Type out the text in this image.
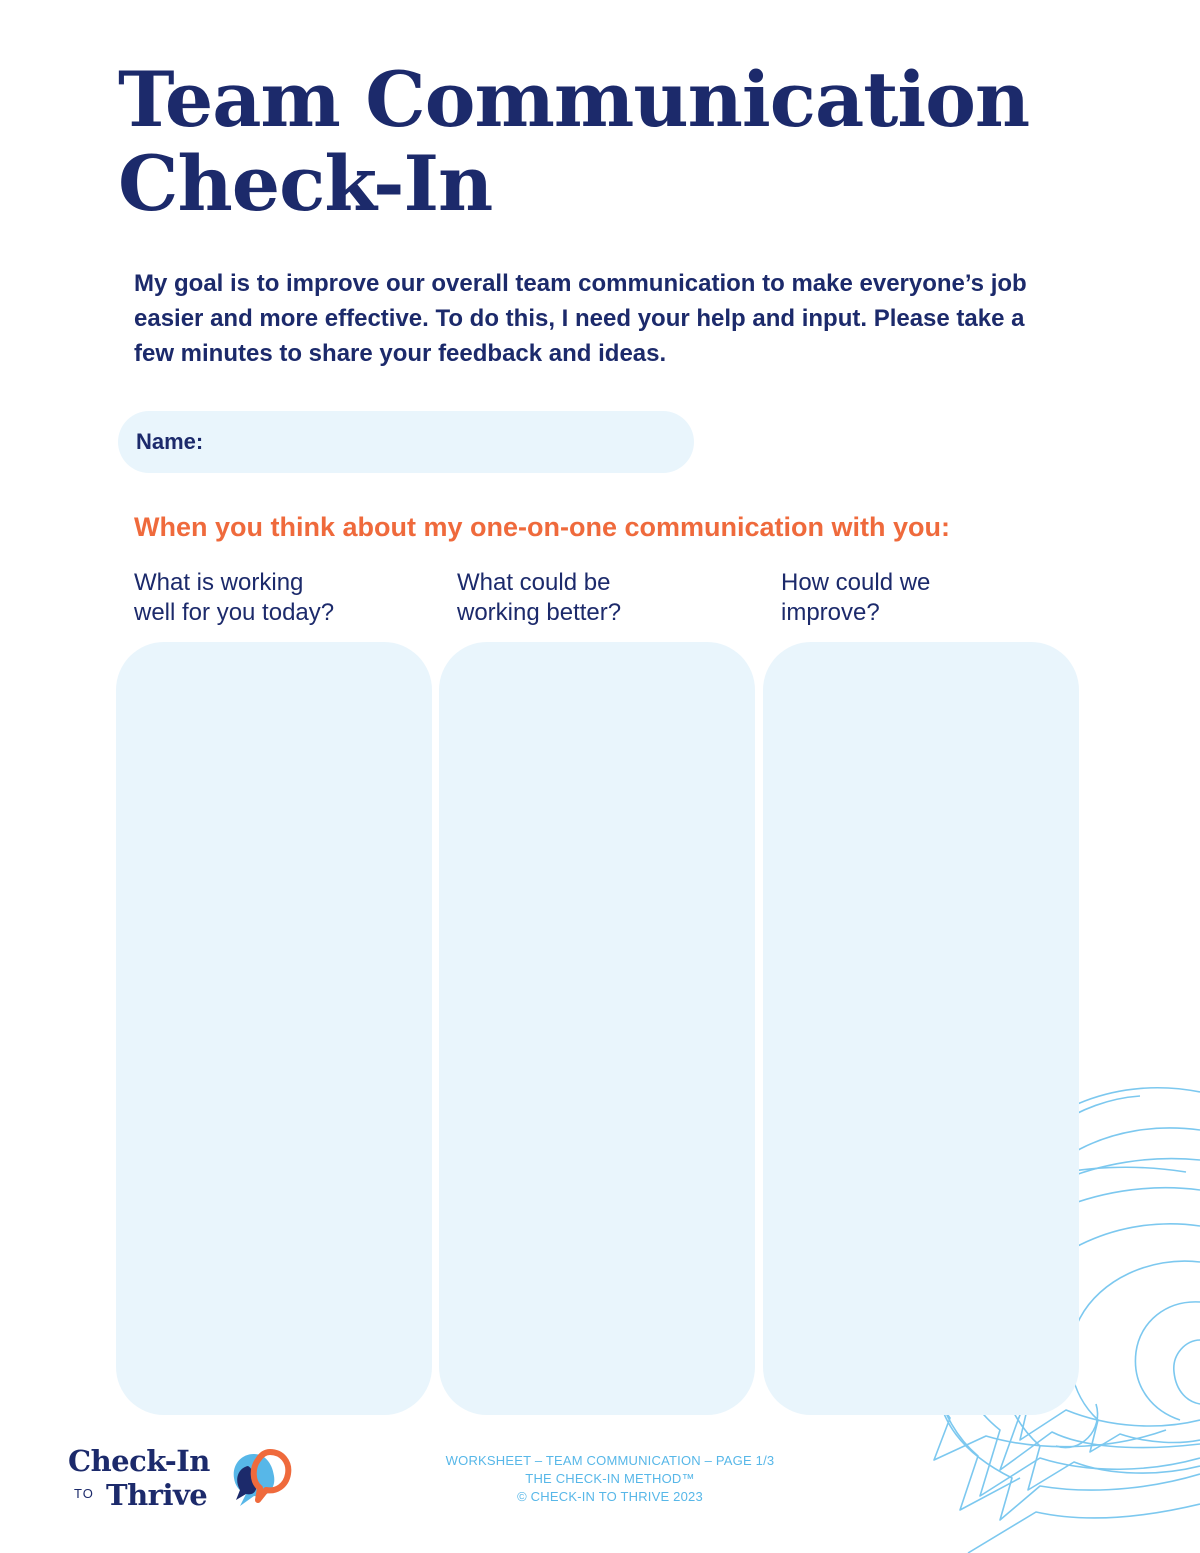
Team Communication
Check-In

My goal is to improve our overall team communication to make everyone’s job easier and more effective. To do this, I need your help and input. Please take a few minutes to share your feedback and ideas.

Name:
When you think about my one-on-one communication with you:
What is working
well for you today?
What could be
working better?
How could we
improve?
Check-In
TO Thrive
WORKSHEET – TEAM COMMUNICATION – PAGE 1/3
THE CHECK-IN METHOD™
© CHECK-IN TO THRIVE 2023
